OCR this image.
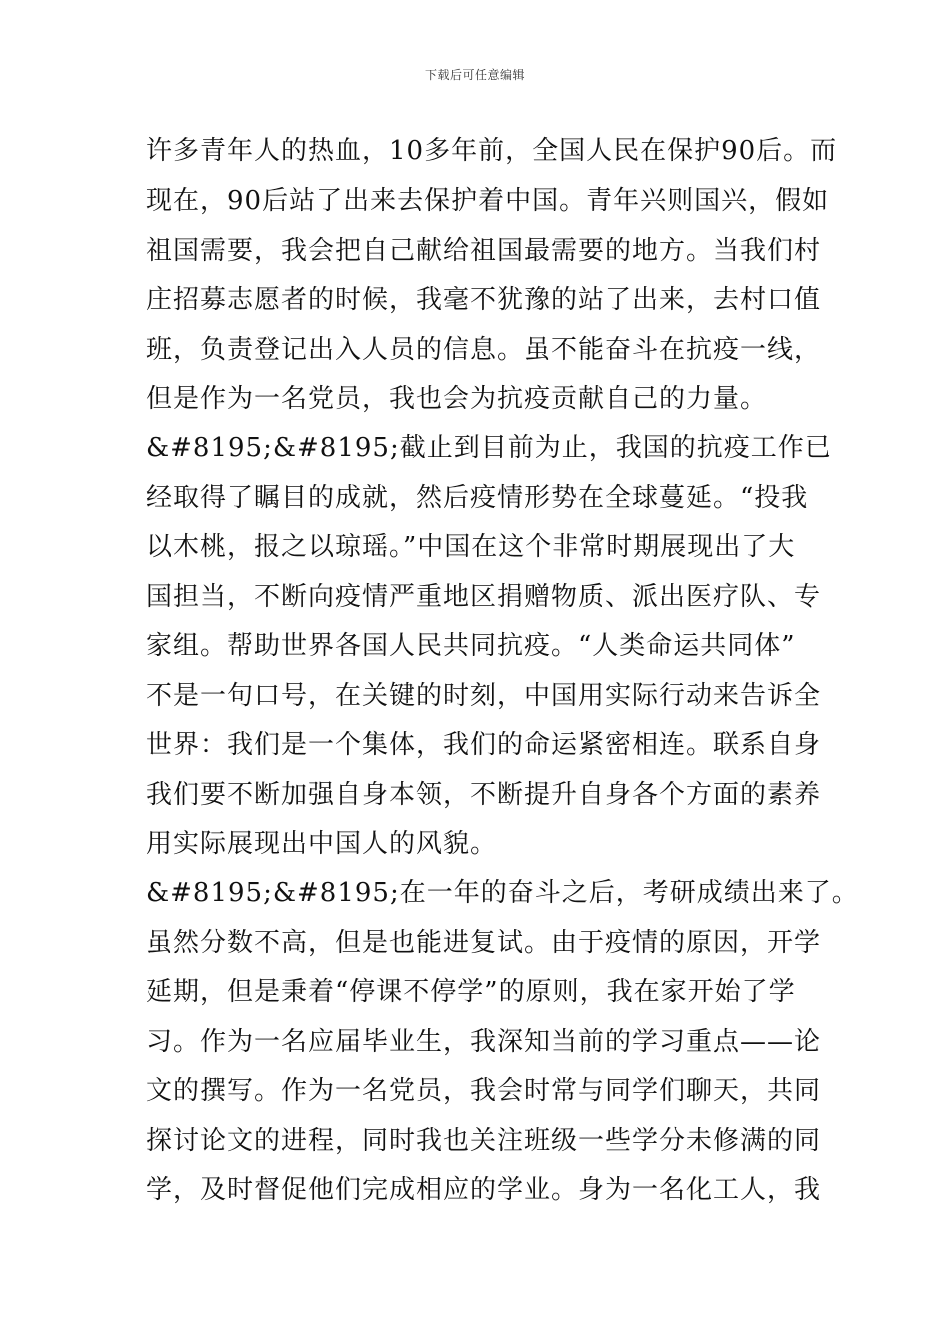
下载后可任意编辑
许多青年人的热血，10多年前，全国人民在保护90后。而
现在，90后站了出来去保护着中国。青年兴则国兴，假如
祖国需要，我会把自己献给祖国最需要的地方。当我们村
庄招募志愿者的时候，我毫不犹豫的站了出来，去村口值
班，负责登记出入人员的信息。虽不能奋斗在抗疫一线，
但是作为一名党员，我也会为抗疫贡献自己的力量。
&#8195;&#8195;截止到目前为止，我国的抗疫工作已
经取得了瞩目的成就，然后疫情形势在全球蔓延。“投我
以木桃，报之以琼瑶。”中国在这个非常时期展现出了大
国担当，不断向疫情严重地区捐赠物质、派出医疗队、专
家组。帮助世界各国人民共同抗疫。“人类命运共同体”
不是一句口号，在关键的时刻，中国用实际行动来告诉全
世界：我们是一个集体，我们的命运紧密相连。联系自身
我们要不断加强自身本领，不断提升自身各个方面的素养
用实际展现出中国人的风貌。
&#8195;&#8195;在一年的奋斗之后，考研成绩出来了。
虽然分数不高，但是也能进复试。由于疫情的原因，开学
延期，但是秉着“停课不停学”的原则，我在家开始了学
习。作为一名应届毕业生，我深知当前的学习重点——论
文的撰写。作为一名党员，我会时常与同学们聊天，共同
探讨论文的进程，同时我也关注班级一些学分未修满的同
学，及时督促他们完成相应的学业。身为一名化工人，我
